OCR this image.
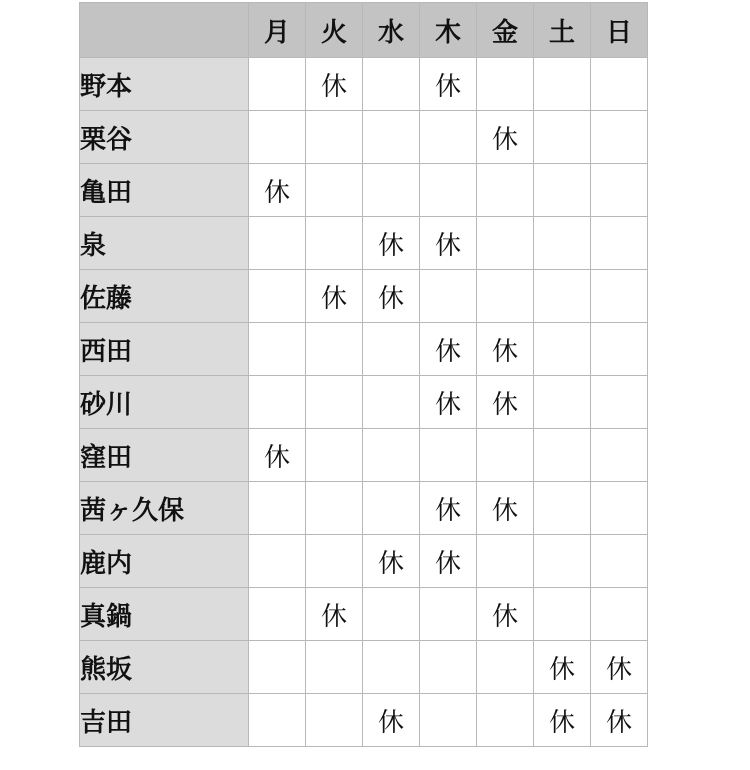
	月	火	水	木	金	土	日
野本		休		休			
栗谷					休		
亀田	休						
泉			休	休			
佐藤		休	休				
西田				休	休		
砂川				休	休		
窪田	休						
茜ヶ久保				休	休		
鹿内			休	休			
真鍋		休			休		
熊坂						休	休
吉田			休			休	休
